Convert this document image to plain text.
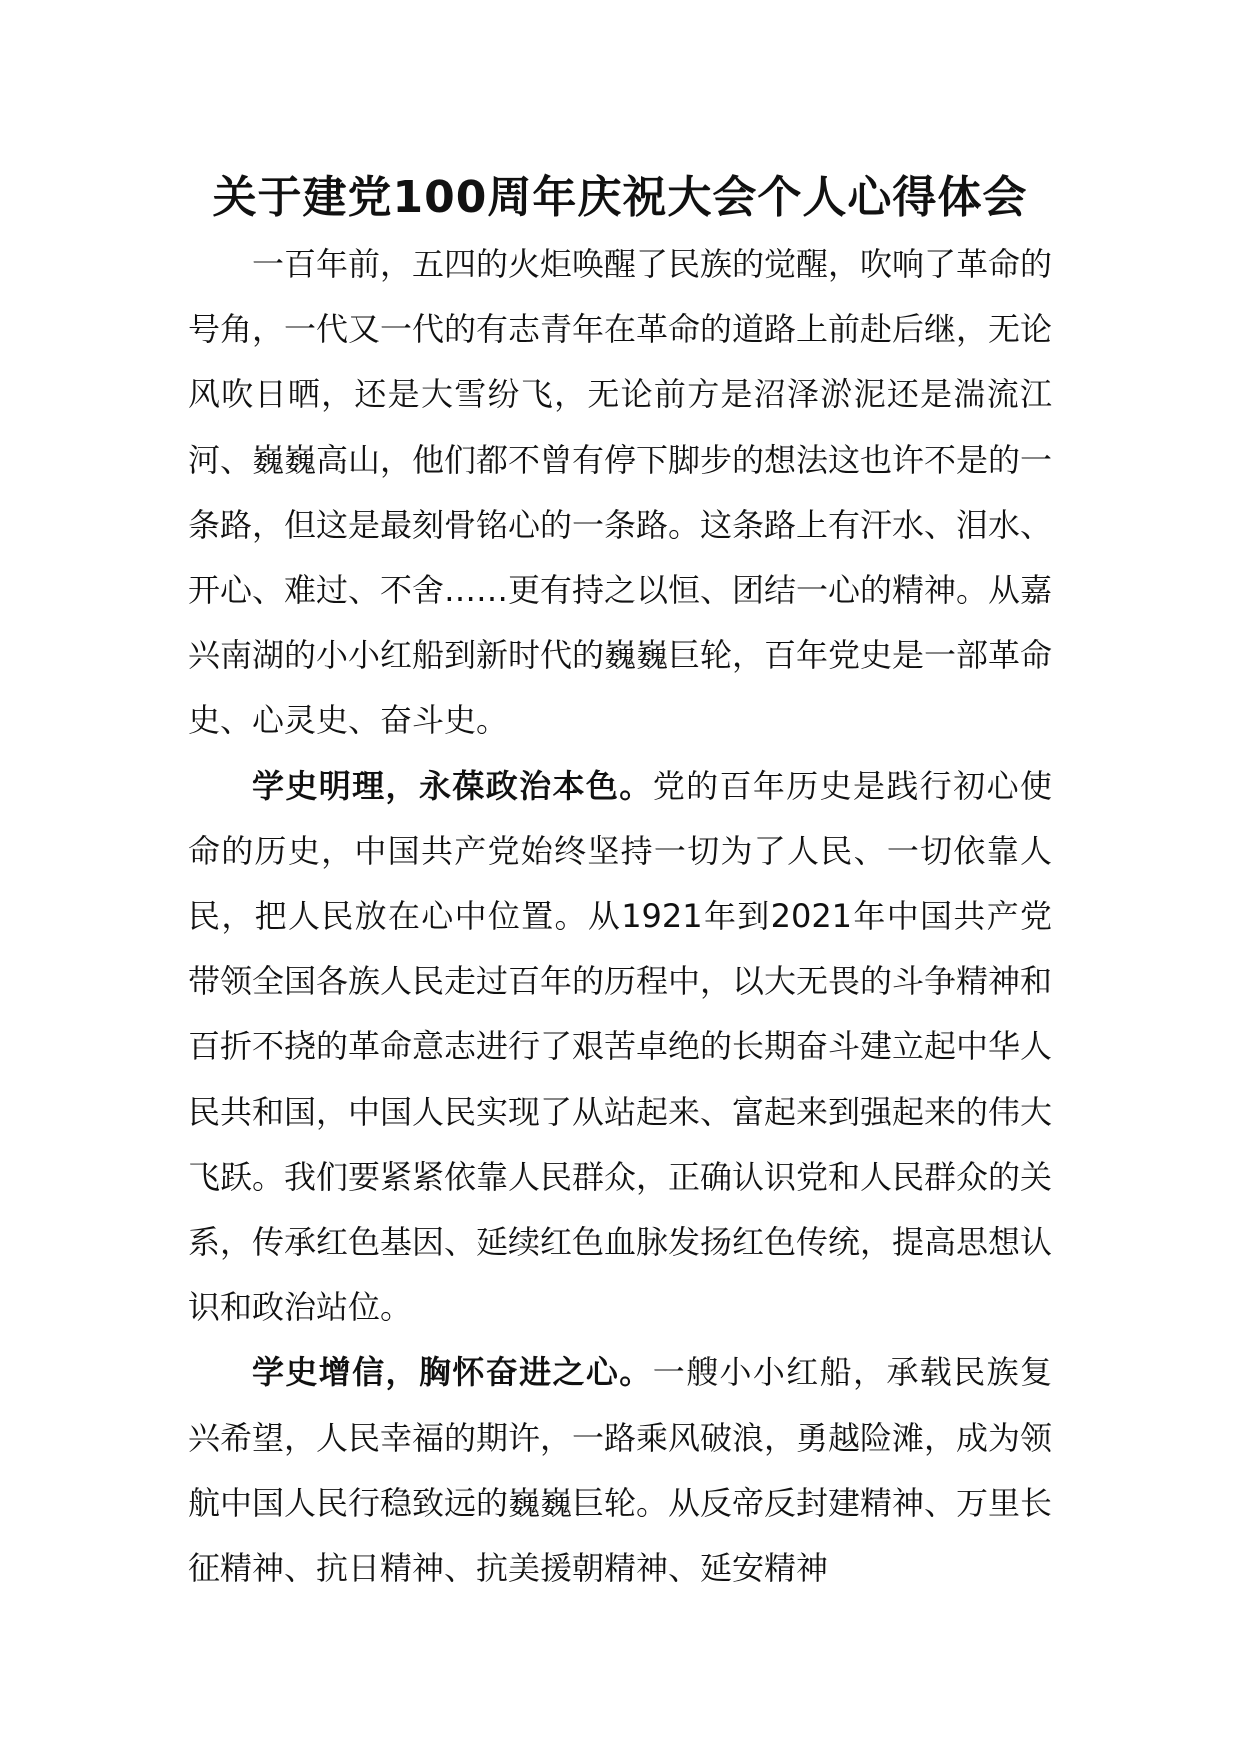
关于建党100周年庆祝大会个人心得体会

一百年前，五四的火炬唤醒了民族的觉醒，吹响了革命的号角，一代又一代的有志青年在革命的道路上前赴后继，无论风吹日晒，还是大雪纷飞，无论前方是沼泽淤泥还是湍流江河、巍巍高山，他们都不曾有停下脚步的想法这也许不是的一条路，但这是最刻骨铭心的一条路。这条路上有汗水、泪水、开心、难过、不舍……更有持之以恒、团结一心的精神。从嘉兴南湖的小小红船到新时代的巍巍巨轮，百年党史是一部革命史、心灵史、奋斗史。

学史明理，永葆政治本色。党的百年历史是践行初心使命的历史，中国共产党始终坚持一切为了人民、一切依靠人民，把人民放在心中位置。从1921年到2021年中国共产党带领全国各族人民走过百年的历程中，以大无畏的斗争精神和百折不挠的革命意志进行了艰苦卓绝的长期奋斗建立起中华人民共和国，中国人民实现了从站起来、富起来到强起来的伟大飞跃。我们要紧紧依靠人民群众，正确认识党和人民群众的关系，传承红色基因、延续红色血脉发扬红色传统，提高思想认识和政治站位。

学史增信，胸怀奋进之心。一艘小小红船，承载民族复兴希望，人民幸福的期许，一路乘风破浪，勇越险滩，成为领航中国人民行稳致远的巍巍巨轮。从反帝反封建精神、万里长征精神、抗日精神、抗美援朝精神、延安精神
